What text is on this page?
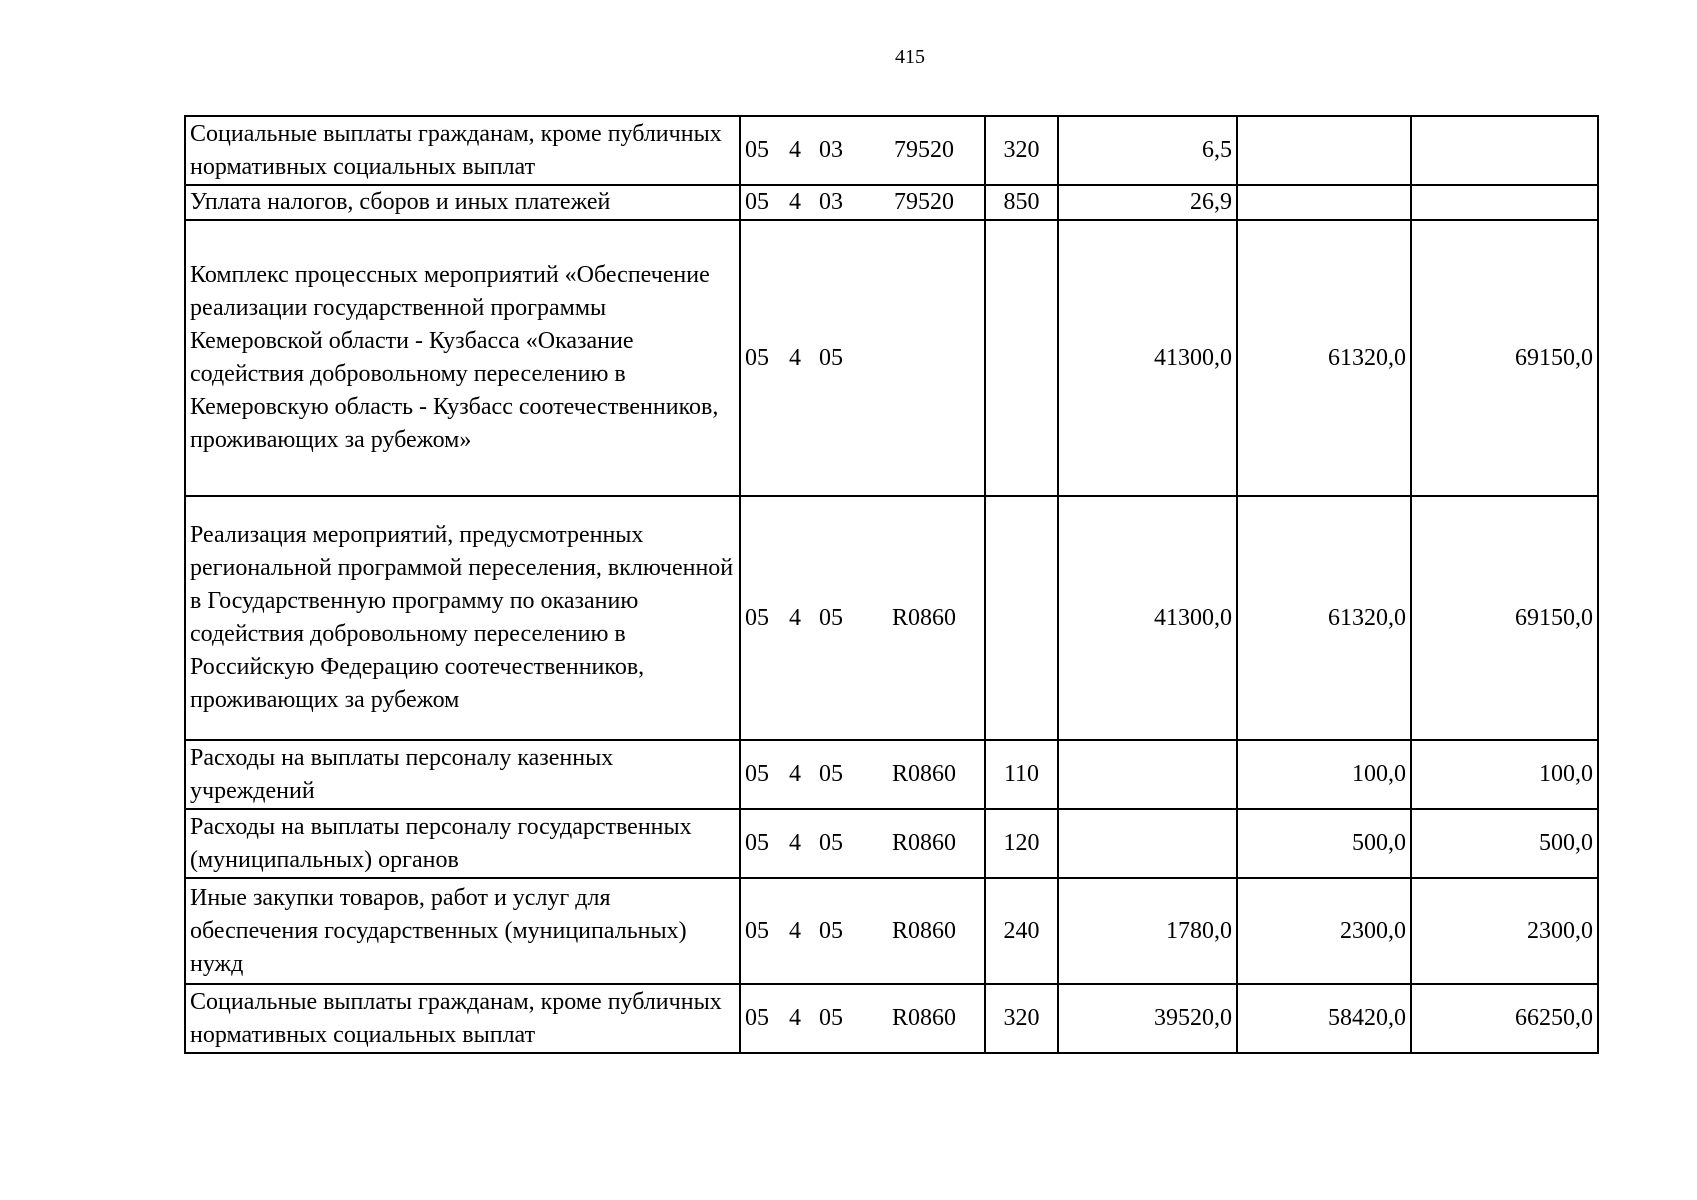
415
Социальные выплаты гражданам, кроме публичных нормативных социальных выплат	05 4 03 79520	320	6,5		
Уплата налогов, сборов и иных платежей	05 4 03 79520	850	26,9		
Комплекс процессных мероприятий «Обеспечение реализации государственной программы Кемеровской области - Кузбасса «Оказание содействия добровольному переселению в Кемеровскую область - Кузбасс соотечественников, проживающих за рубежом»	05 4 05		41300,0	61320,0	69150,0
Реализация мероприятий, предусмотренных региональной программой переселения, включенной в Государственную программу по оказанию содействия добровольному переселению в Российскую Федерацию соотечественников, проживающих за рубежом	05 4 05 R0860		41300,0	61320,0	69150,0
Расходы на выплаты персоналу казенных учреждений	05 4 05 R0860	110		100,0	100,0
Расходы на выплаты персоналу государственных (муниципальных) органов	05 4 05 R0860	120		500,0	500,0
Иные закупки товаров, работ и услуг для обеспечения государственных (муниципальных) нужд	05 4 05 R0860	240	1780,0	2300,0	2300,0
Социальные выплаты гражданам, кроме публичных нормативных социальных выплат	05 4 05 R0860	320	39520,0	58420,0	66250,0
